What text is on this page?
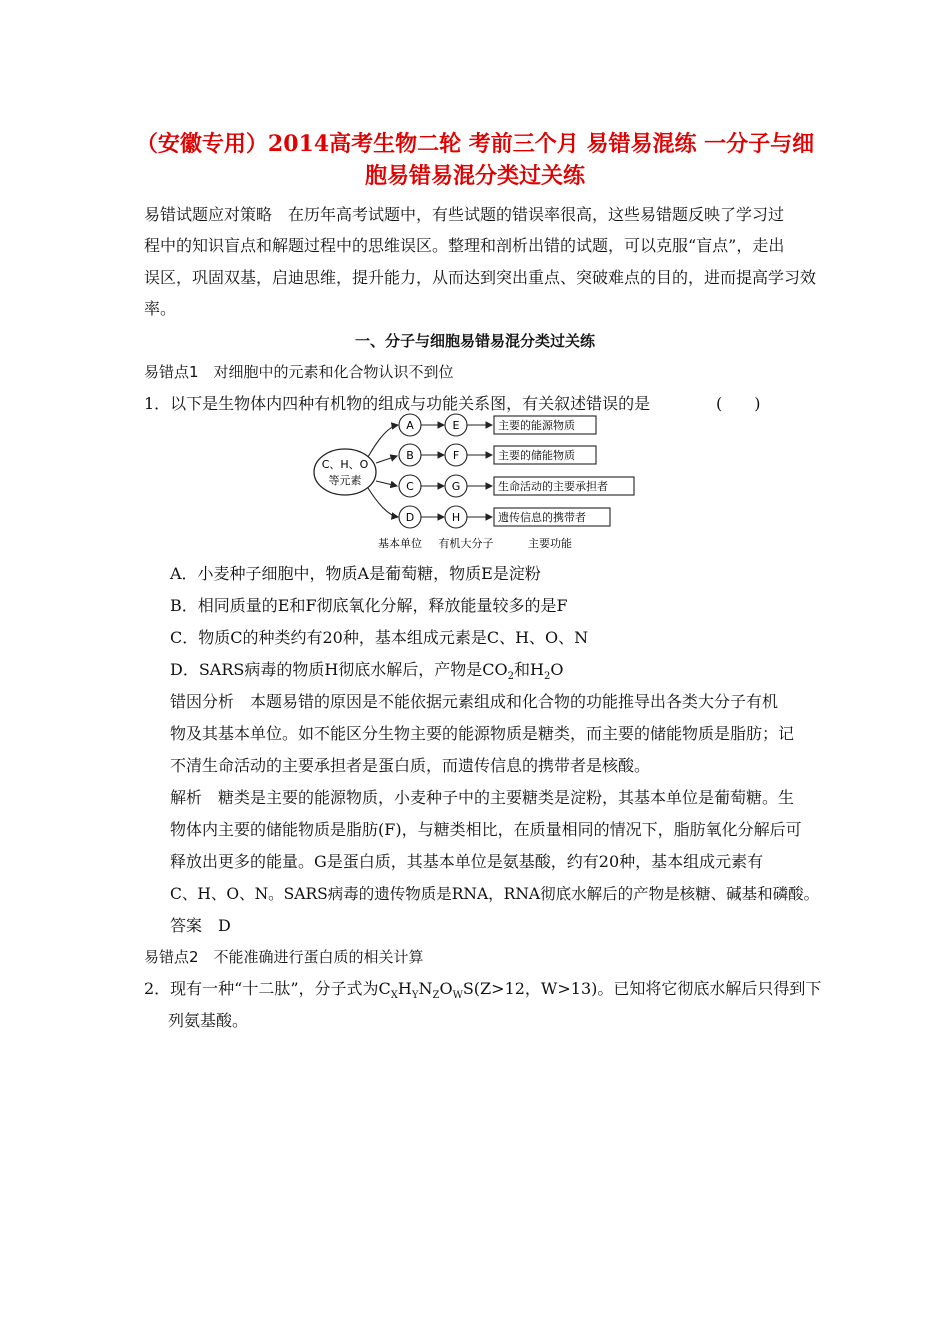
（安徽专用）2014高考生物二轮 考前三个月 易错易混练 一分子与细
胞易错易混分类过关练
易错试题应对策略　在历年高考试题中，有些试题的错误率很高，这些易错题反映了学习过
程中的知识盲点和解题过程中的思维误区。整理和剖析出错的试题，可以克服“盲点”，走出
误区，巩固双基，启迪思维，提升能力，从而达到突出重点、突破难点的目的，进而提高学习效
率。
一、分子与细胞易错易混分类过关练
易错点1　对细胞中的元素和化合物认识不到位
1．以下是生物体内四种有机物的组成与功能关系图，有关叙述错误的是	(　　)
C、H、O
等元素
A	E	主要的能源物质
B	F	主要的储能物质
C	G	生命活动的主要承担者
D	H	遗传信息的携带者
基本单位 有机大分子	主要功能
A．小麦种子细胞中，物质A是葡萄糖，物质E是淀粉
B．相同质量的E和F彻底氧化分解，释放能量较多的是F
C．物质C的种类约有20种，基本组成元素是C、H、O、N
D．SARS病毒的物质H彻底水解后，产物是$CO_2$和$H_2O$
错因分析　 本题易错的原因是不能依据元素组成和化合物的功能推导出各类大分子有机
物及其基本单位。如不能区分生物主要的能源物质是糖类，而主要的储能物质是脂肪；记
不清生命活动的主要承担者是蛋白质，而遗传信息的携带者是核酸。
解析　 糖类是主要的能源物质，小麦种子中的主要糖类是淀粉，其基本单位是葡萄糖。生
物体内主要的储能物质是脂肪(F)，与糖类相比，在质量相同的情况下，脂肪氧化分解后可
释放出更多的能量。G是蛋白质，其基本单位是氨基酸，约有20种，基本组成元素有
C、H、O、N。SARS病毒的遗传物质是RNA，RNA彻底水解后的产物是核糖、碱基和磷酸。
答案　 D
易错点2　不能准确进行蛋白质的相关计算
2．现有一种“十二肽”，分子式为$C_XH_YN_ZO_WS(Z>12$，W>13)。已知将它彻底水解后只得到下
列氨基酸。
